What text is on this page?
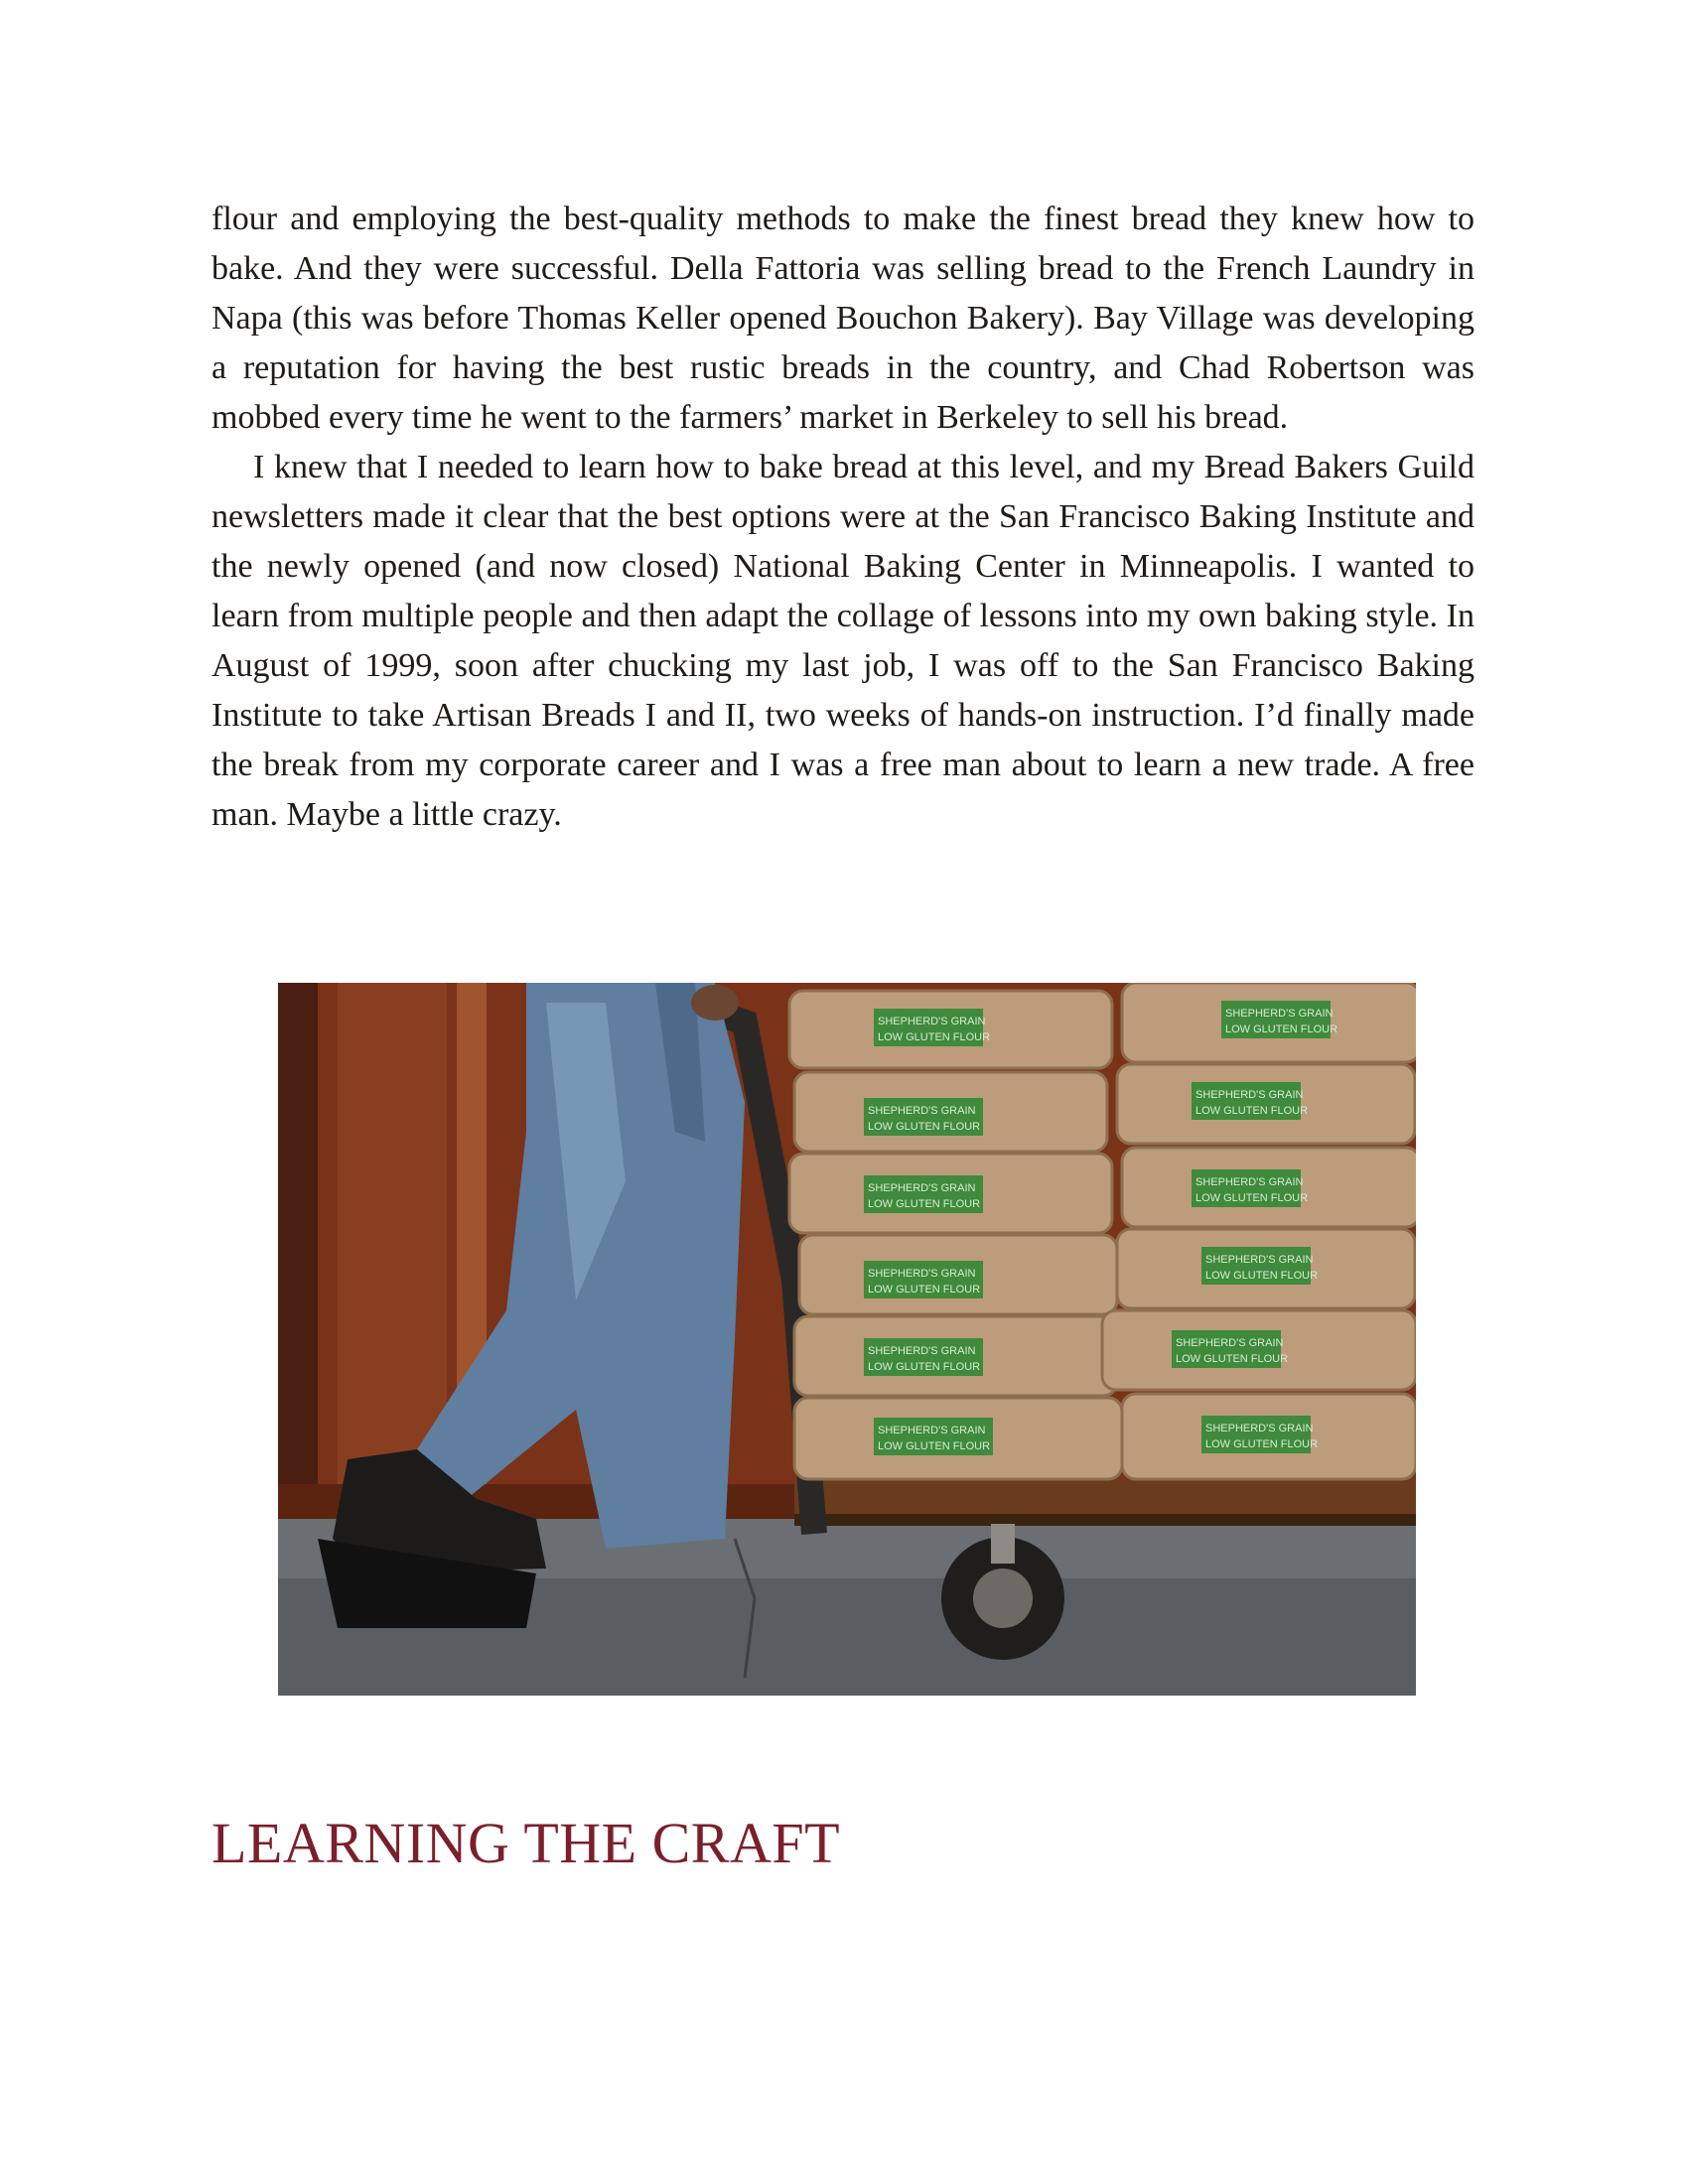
flour and employing the best-quality methods to make the finest bread they knew how to bake. And they were successful. Della Fattoria was selling bread to the French Laundry in Napa (this was before Thomas Keller opened Bouchon Bakery). Bay Village was developing a reputation for having the best rustic breads in the country, and Chad Robertson was mobbed every time he went to the farmers’ market in Berkeley to sell his bread.

I knew that I needed to learn how to bake bread at this level, and my Bread Bakers Guild newsletters made it clear that the best options were at the San Francisco Baking Institute and the newly opened (and now closed) National Baking Center in Minneapolis. I wanted to learn from multiple people and then adapt the collage of lessons into my own baking style. In August of 1999, soon after chucking my last job, I was off to the San Francisco Baking Institute to take Artisan Breads I and II, two weeks of hands-on instruction. I’d finally made the break from my corporate career and I was a free man about to learn a new trade. A free man. Maybe a little crazy.

SHEPHERD'S GRAIN
LOW GLUTEN FLOUR
SHEPHERD'S GRAIN
LOW GLUTEN FLOUR
SHEPHERD'S GRAIN
LOW GLUTEN FLOUR
SHEPHERD'S GRAIN
LOW GLUTEN FLOUR
SHEPHERD'S GRAIN
LOW GLUTEN FLOUR
SHEPHERD'S GRAIN
LOW GLUTEN FLOUR
SHEPHERD'S GRAIN
LOW GLUTEN FLOUR
SHEPHERD'S GRAIN
LOW GLUTEN FLOUR
SHEPHERD'S GRAIN
LOW GLUTEN FLOUR
SHEPHERD'S GRAIN
LOW GLUTEN FLOUR
SHEPHERD'S GRAIN
LOW GLUTEN FLOUR
SHEPHERD'S GRAIN
LOW GLUTEN FLOUR
LEARNING THE CRAFT
